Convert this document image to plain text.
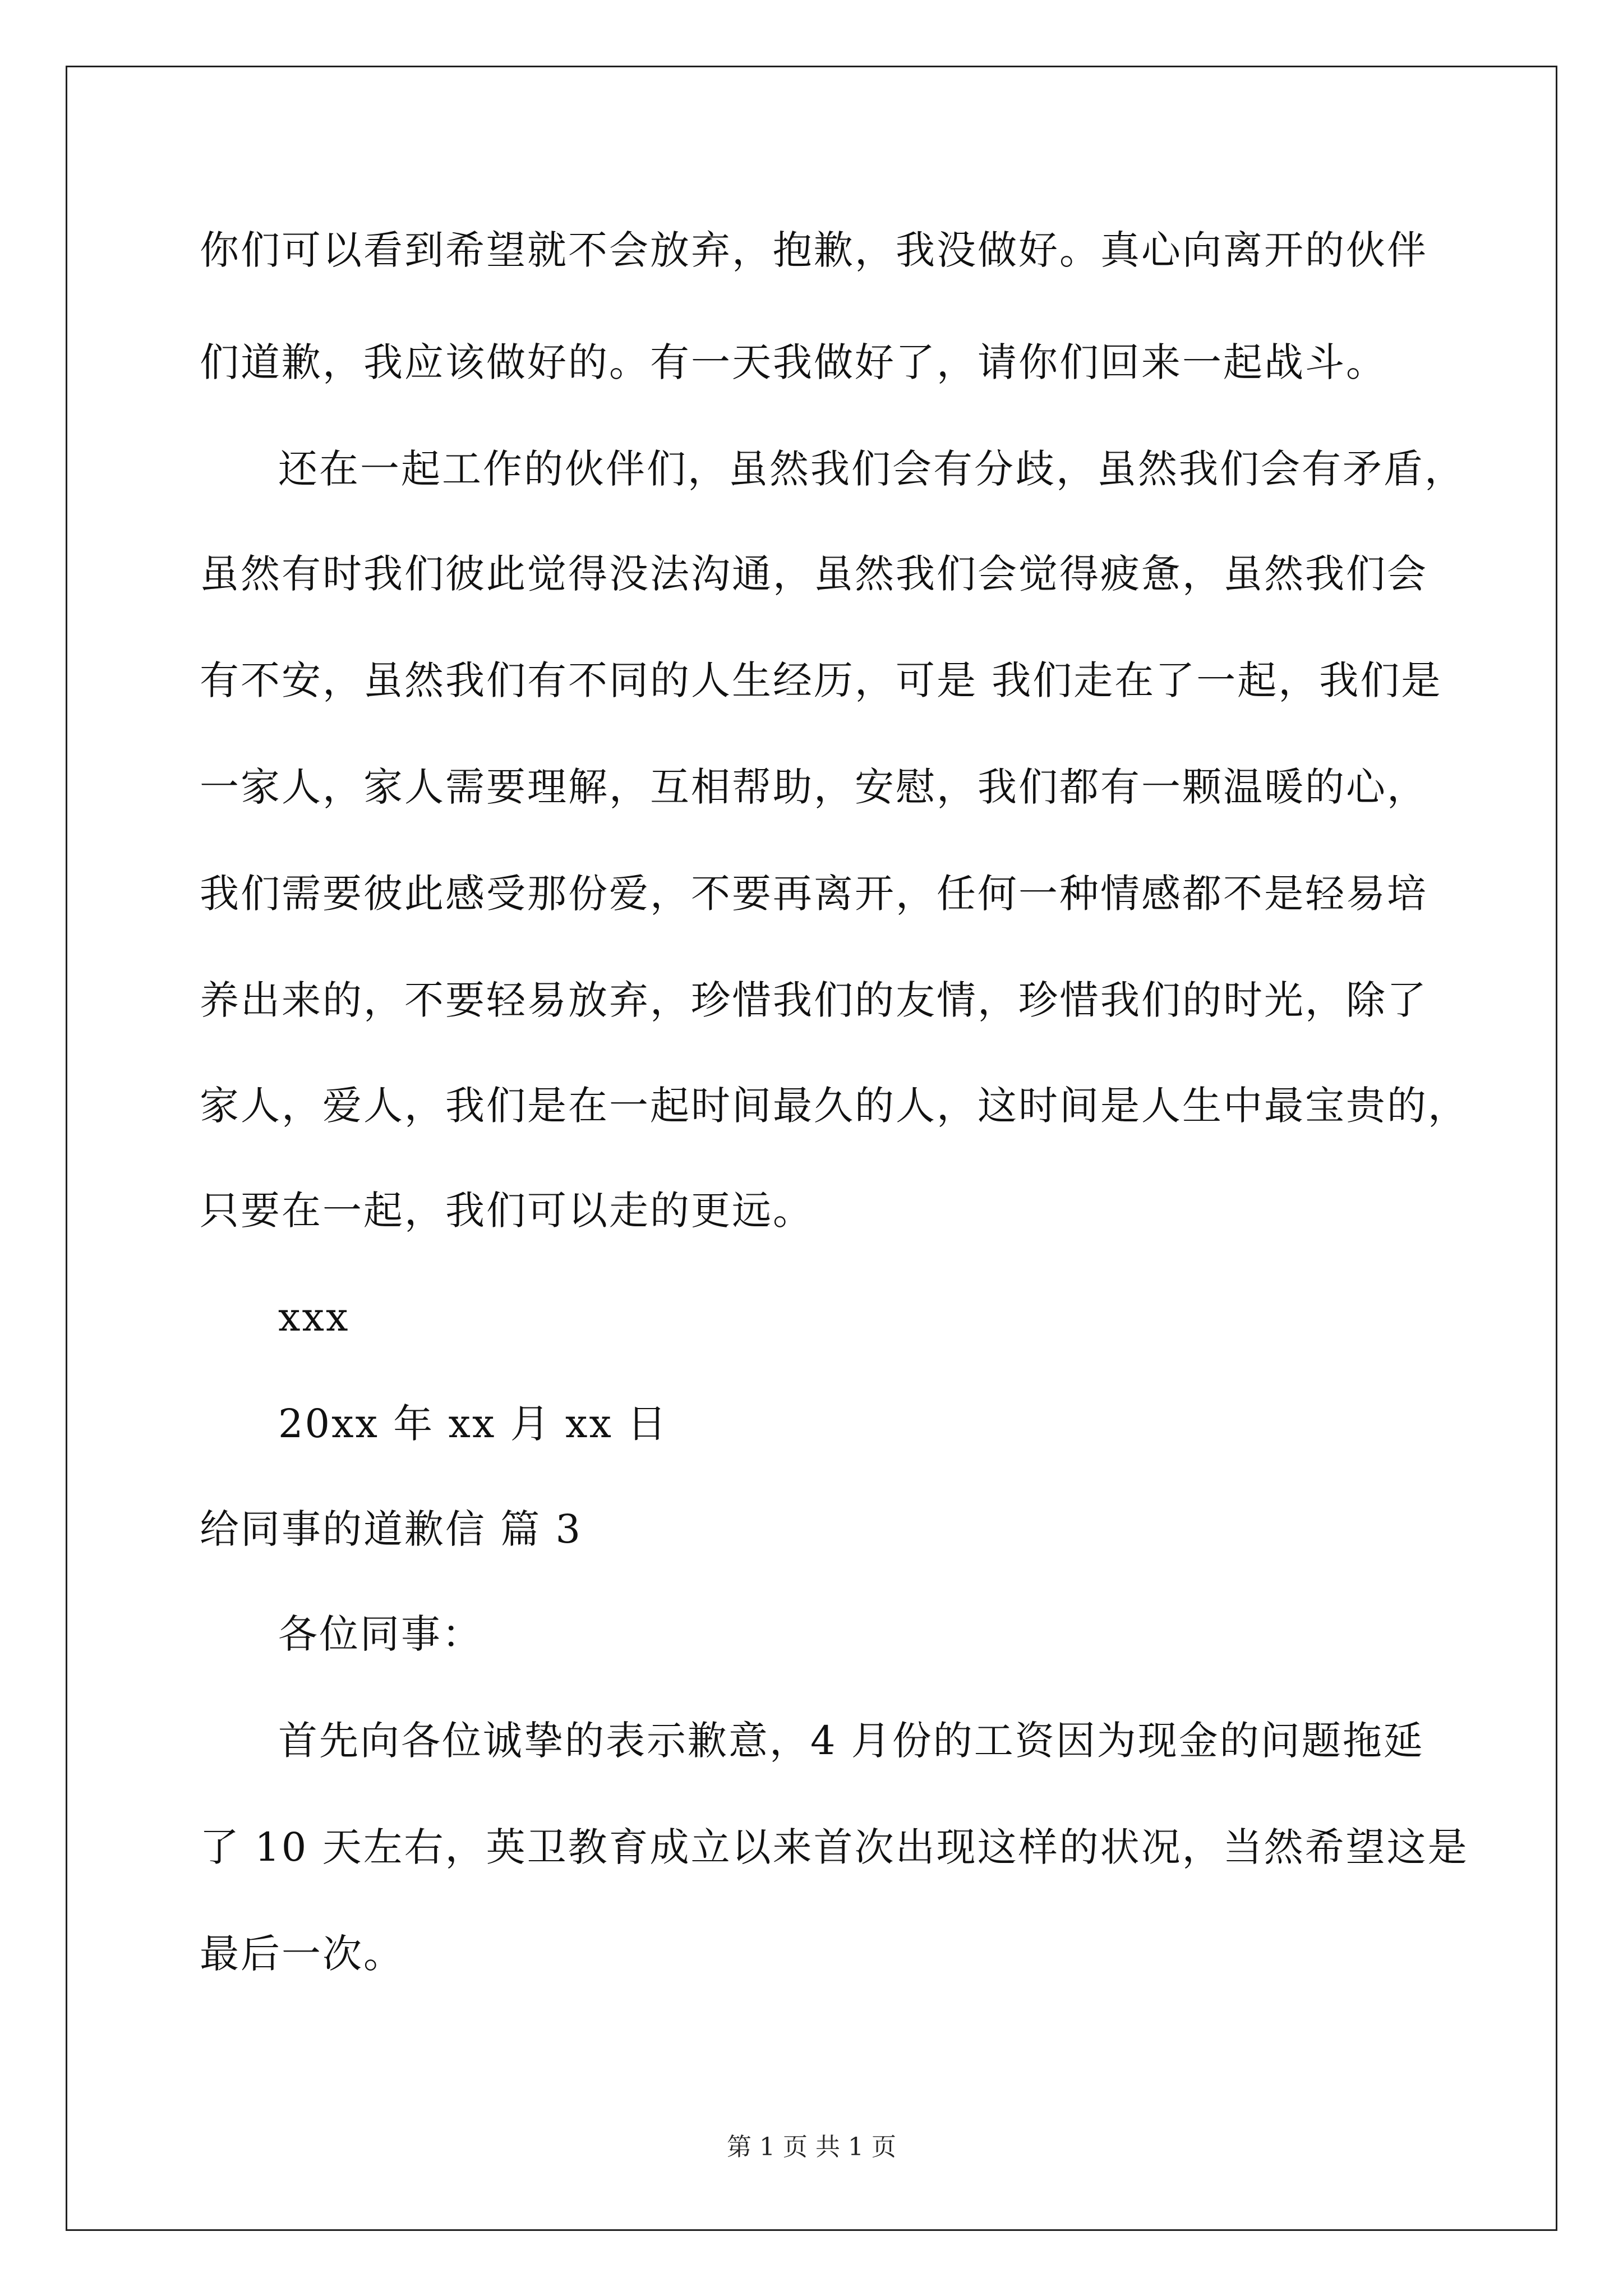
你们可以看到希望就不会放弃，抱歉，我没做好。真心向离开的伙伴
们道歉，我应该做好的。有一天我做好了，请你们回来一起战斗。
还在一起工作的伙伴们，虽然我们会有分歧，虽然我们会有矛盾，
虽然有时我们彼此觉得没法沟通，虽然我们会觉得疲惫，虽然我们会
有不安，虽然我们有不同的人生经历，可是 我们走在了一起，我们是
一家人，家人需要理解，互相帮助，安慰，我们都有一颗温暖的心，
我们需要彼此感受那份爱，不要再离开，任何一种情感都不是轻易培
养出来的，不要轻易放弃，珍惜我们的友情，珍惜我们的时光，除了
家人，爱人，我们是在一起时间最久的人，这时间是人生中最宝贵的，
只要在一起，我们可以走的更远。
xxx
20xx 年 xx 月 xx 日
给同事的道歉信 篇 3
各位同事：
首先向各位诚挚的表示歉意，4 月份的工资因为现金的问题拖延
了 10 天左右，英卫教育成立以来首次出现这样的状况，当然希望这是
最后一次。
第 1 页 共 1 页
